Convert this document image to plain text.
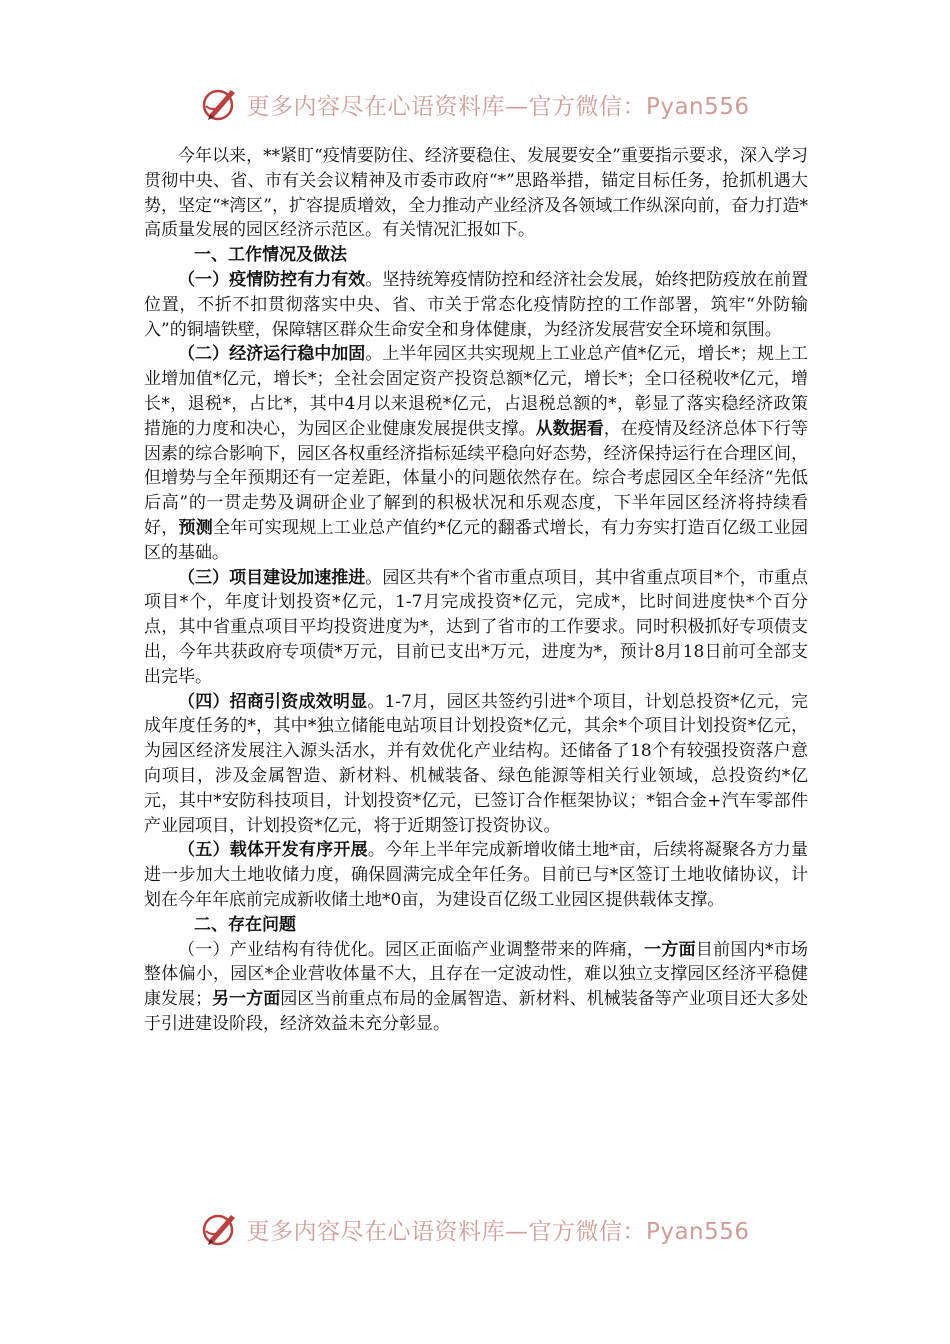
更多内容尽在心语资料库—官方微信：Pyan556

今年以来，**紧盯“疫情要防住、经济要稳住、发展要安全”重要指示要求，深入学习贯彻中央、省、市有关会议精神及市委市政府“*”思路举措，锚定目标任务，抢抓机遇大势，坚定“*湾区”，扩容提质增效，全力推动产业经济及各领域工作纵深向前，奋力打造*高质量发展的园区经济示范区。有关情况汇报如下。

一、工作情况及做法

（一）疫情防控有力有效。坚持统筹疫情防控和经济社会发展，始终把防疫放在前置位置，不折不扣贯彻落实中央、省、市关于常态化疫情防控的工作部署，筑牢“外防输入”的铜墙铁壁，保障辖区群众生命安全和身体健康，为经济发展营安全环境和氛围。

（二）经济运行稳中加固。上半年园区共实现规上工业总产值*亿元，增长*；规上工业增加值*亿元，增长*；全社会固定资产投资总额*亿元，增长*；全口径税收*亿元，增长*，退税*，占比*，其中4月以来退税*亿元，占退税总额的*，彰显了落实稳经济政策措施的力度和决心，为园区企业健康发展提供支撑。从数据看，在疫情及经济总体下行等因素的综合影响下，园区各权重经济指标延续平稳向好态势，经济保持运行在合理区间，但增势与全年预期还有一定差距，体量小的问题依然存在。综合考虑园区全年经济“先低后高”的一贯走势及调研企业了解到的积极状况和乐观态度，下半年园区经济将持续看好，预测全年可实现规上工业总产值约*亿元的翻番式增长，有力夯实打造百亿级工业园区的基础。

（三）项目建设加速推进。园区共有*个省市重点项目，其中省重点项目*个，市重点项目*个，年度计划投资*亿元，1-7月完成投资*亿元，完成*，比时间进度快*个百分点，其中省重点项目平均投资进度为*，达到了省市的工作要求。同时积极抓好专项债支出，今年共获政府专项债*万元，目前已支出*万元，进度为*，预计8月18日前可全部支出完毕。

（四）招商引资成效明显。1-7月，园区共签约引进*个项目，计划总投资*亿元，完成年度任务的*，其中*独立储能电站项目计划投资*亿元，其余*个项目计划投资*亿元，为园区经济发展注入源头活水，并有效优化产业结构。还储备了18个有较强投资落户意向项目，涉及金属智造、新材料、机械装备、绿色能源等相关行业领域，总投资约*亿元，其中*安防科技项目，计划投资*亿元，已签订合作框架协议；*铝合金+汽车零部件产业园项目，计划投资*亿元，将于近期签订投资协议。

（五）载体开发有序开展。今年上半年完成新增收储土地*亩，后续将凝聚各方力量进一步加大土地收储力度，确保圆满完成全年任务。目前已与*区签订土地收储协议，计划在今年年底前完成新收储土地*0亩，为建设百亿级工业园区提供载体支撑。

二、存在问题

（一）产业结构有待优化。园区正面临产业调整带来的阵痛，一方面目前国内*市场整体偏小，园区*企业营收体量不大，且存在一定波动性，难以独立支撑园区经济平稳健康发展；另一方面园区当前重点布局的金属智造、新材料、机械装备等产业项目还大多处于引进建设阶段，经济效益未充分彰显。

更多内容尽在心语资料库—官方微信：Pyan556
